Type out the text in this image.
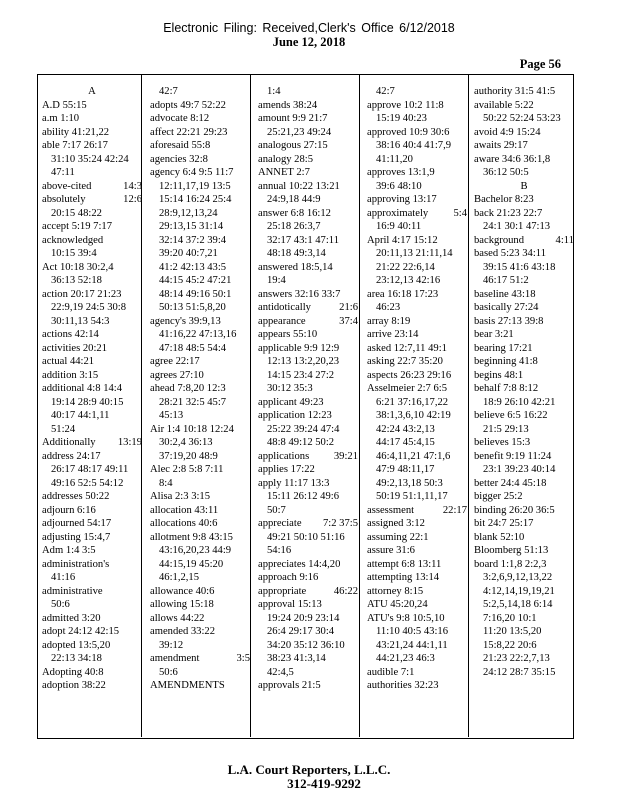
Electronic Filing: Received,Clerk's Office 6/12/2018
June 12, 2018
Page 56
A
A.D 55:15
a.m 1:10
ability 41:21,22
able 7:17 26:17
31:10 35:24 42:24
47:11
above-cited	14:3
absolutely	12:6
20:15 48:22
accept 5:19 7:17
acknowledged
10:15 39:4
Act 10:18 30:2,4
36:13 52:18
action 20:17 21:23
22:9,19 24:5 30:8
30:11,13 54:3
actions 42:14
activities 20:21
actual 44:21
addition 3:15
additional 4:8 14:4
19:14 28:9 40:15
40:17 44:1,11
51:24
Additionally 13:19
address 24:17
26:17 48:17 49:11
49:16 52:5 54:12
addresses 50:22
adjourn 6:16
adjourned 54:17
adjusting 15:4,7
Adm 1:4 3:5
administration's
41:16
administrative
50:6
admitted 3:20
adopt 24:12 42:15
adopted 13:5,20
22:13 34:18
Adopting 40:8
adoption 38:22
42:7
adopts 49:7 52:22
advocate 8:12
affect 22:21 29:23
aforesaid 55:8
agencies 32:8
agency 6:4 9:5 11:7
12:11,17,19 13:5
15:14 16:24 25:4
28:9,12,13,24
29:13,15 31:14
32:14 37:2 39:4
39:20 40:7,21
41:2 42:13 43:5
44:15 45:2 47:21
48:14 49:16 50:1
50:13 51:5,8,20
agency's 39:9,13
41:16,22 47:13,16
47:18 48:5 54:4
agree 22:17
agrees 27:10
ahead 7:8,20 12:3
28:21 32:5 45:7
45:13
Air 1:4 10:18 12:24
30:2,4 36:13
37:19,20 48:9
Alec 2:8 5:8 7:11
8:4
Alisa 2:3 3:15
allocation 43:11
allocations 40:6
allotment 9:8 43:15
43:16,20,23 44:9
44:15,19 45:20
46:1,2,15
allowance 40:6
allowing 15:18
allows 44:22
amended 33:22
39:12
amendment	3:5
50:6
AMENDMENTS
1:4
amends 38:24
amount 9:9 21:7
25:21,23 49:24
analogous 27:15
analogy 28:5
ANNET 2:7
annual 10:22 13:21
24:9,18 44:9
answer 6:8 16:12
25:18 26:3,7
32:17 43:1 47:11
48:18 49:3,14
answered 18:5,14
19:4
answers 32:16 33:7
antidotically	21:6
appearance	37:4
appears 55:10
applicable 9:9 12:9
12:13 13:2,20,23
14:15 23:4 27:2
30:12 35:3
applicant 49:23
application 12:23
25:22 39:24 47:4
48:8 49:12 50:2
applications 39:21
applies 17:22
apply 11:17 13:3
15:11 26:12 49:6
50:7
appreciate 7:2 37:5
49:21 50:10 51:16
54:16
appreciates 14:4,20
approach 9:16
appropriate	46:22
approval 15:13
19:24 20:9 23:14
26:4 29:17 30:4
34:20 35:12 36:10
38:23 41:3,14
42:4,5
approvals 21:5
42:7
approve 10:2 11:8
15:19 40:23
approved 10:9 30:6
38:16 40:4 41:7,9
41:11,20
approves 13:1,9
39:6 48:10
approving 13:17
approximately 5:4
16:9 40:11
April 4:17 15:12
20:11,13 21:11,14
21:22 22:6,14
23:12,13 42:16
area 16:18 17:23
46:23
array 8:19
arrive 23:14
asked 12:7,11 49:1
asking 22:7 35:20
aspects 26:23 29:16
Asselmeier 2:7 6:5
6:21 37:16,17,22
38:1,3,6,10 42:19
42:24 43:2,13
44:17 45:4,15
46:4,11,21 47:1,6
47:9 48:11,17
49:2,13,18 50:3
50:19 51:1,11,17
assessment	22:17
assigned 3:12
assuming 22:1
assure 31:6
attempt 6:8 13:11
attempting 13:14
attorney 8:15
ATU 45:20,24
ATU's 9:8 10:5,10
11:10 40:5 43:16
43:21,24 44:1,11
44:21,23 46:3
audible 7:1
authorities 32:23
authority 31:5 41:5
available 5:22
50:22 52:24 53:23
avoid 4:9 15:24
awaits 29:17
aware 34:6 36:1,8
36:12 50:5
B
Bachelor 8:23
back 21:23 22:7
24:1 30:1 47:13
background	4:11
based 5:23 34:11
39:15 41:6 43:18
46:17 51:2
baseline 43:18
basically 27:24
basis 27:13 39:8
bear 3:21
bearing 17:21
beginning 41:8
begins 48:1
behalf 7:8 8:12
18:9 26:10 42:21
believe 6:5 16:22
21:5 29:13
believes 15:3
benefit 9:19 11:24
23:1 39:23 40:14
better 24:4 45:18
bigger 25:2
binding 26:20 36:5
bit 24:7 25:17
blank 52:10
Bloomberg 51:13
board 1:1,8 2:2,3
3:2,6,9,12,13,22
4:12,14,19,19,21
5:2,5,14,18 6:14
7:16,20 10:1
11:20 13:5,20
15:8,22 20:6
21:23 22:2,7,13
24:12 28:7 35:15
L.A. Court Reporters, L.L.C.
312-419-9292
